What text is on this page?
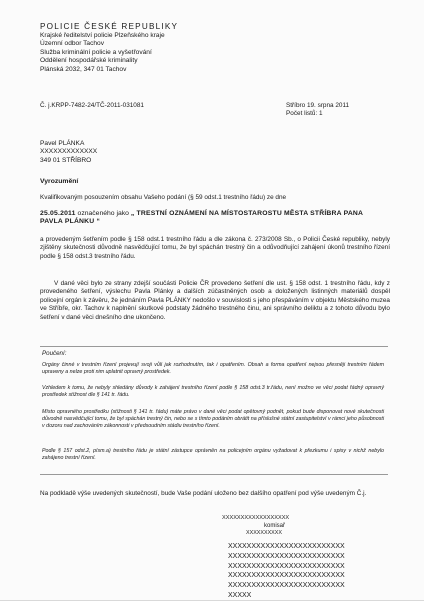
POLICIE ČESKÉ REPUBLIKY
Krajské ředitelství policie Plzeňského kraje
Územní odbor Tachov
Služba kriminální policie a vyšetřování
Oddělení hospodářské kriminality
Plánská 2032, 347 01 Tachov
Č. j.KRPP-7482-24/TČ-2011-031081	Stříbro 19. srpna 2011
Počet listů: 1
Pavel PLÁNKA
XXXXXXXXXXXXX
349 01 STŘÍBRO
Vyrozumění
Kvalifikovaným posouzením obsahu Vašeho podání (§ 59 odst.1 trestního řádu) ze dne
25.05.2011 označeného jako „ TRESTNÍ OZNÁMENÍ NA MÍSTOSTAROSTU MĚSTA STŘÍBRA PANA PAVLA PLÁNKU “
a provedeným šetřením podle § 158 odst.1 trestního řádu a dle zákona č. 273/2008 Sb., o Policii České republiky, nebyly zjištěny skutečnosti důvodně nasvědčující tomu, že byl spáchán trestný čin a odůvodňující zahájení úkonů trestního řízení podle § 158 odst.3 trestního řádu.
V dané věci bylo ze strany zdejší součásti Policie ČR provedeno šetření dle ust. § 158 odst. 1 trestního řádu, kdy z provedeného šetření, výslechu Pavla Plánky a dalších zúčastněných osob a doložených listinných materiálů dospěl policejní orgán k závěru, že jednáním Pavla PLÁNKY nedošlo v souvislosti s jeho přespáváním v objektu Městského muzea ve Stříbře, okr. Tachov k naplnění skutkové podstaty žádného trestného činu, ani správního deliktu a z tohoto důvodu bylo šetření v dané věci dnešního dne ukončeno.
Poučení:
Orgány činné v trestním řízení projevují svoji vůli jak rozhodnutím, tak i opatřením. Obsah a forma opatření nejsou přesněji trestním řádem upraveny a nelze proti nim uplatnit opravný prostředek.
Vzhledem k tomu, že nebyly shledány důvody k zahájení trestního řízení podle § 158 odst.3 tr.řádu, není možno ve věci podat řádný opravný prostředek stížnost dle § 141 tr. řádu.
Místo opravného prostředku (stížnosti § 141 tr. řádu) máte právo v dané věci podat opětovný podnět, pokud bude disponovat nové skutečnosti důvodně nasvědčující tomu, že byl spáchán trestný čin, nebo se s tímto podáním obrátit na příslušné státní zastupitelství v rámci jeho působnosti v dozoru nad zachováním zákonnosti v předsoudním stádiu trestního řízení.
Podle § 157 odst.2, písm.a) trestního řádu je státní zástupce oprávněn na policejním orgánu vyžadovat k přezkumu i spisy v nichž nebylo zahájeno trestní řízení.
Na podkladě výše uvedených skutečností, bude Vaše podání uloženo bez dalšího opatření pod výše uvedeným Č.j.
XXXXXXXXXXXXXXXXXX
komisař
XXXXXXXXXX
XXXXXXXXXXXXXXXXXXXXXXXXX
XXXXXXXXXXXXXXXXXXXXXXXXX
XXXXXXXXXXXXXXXXXXXXXXXXX
XXXXXXXXXXXXXXXXXXXXXXXXX
XXXXXXXXXXXXXXXXXXXXXXXXX
XXXXX
